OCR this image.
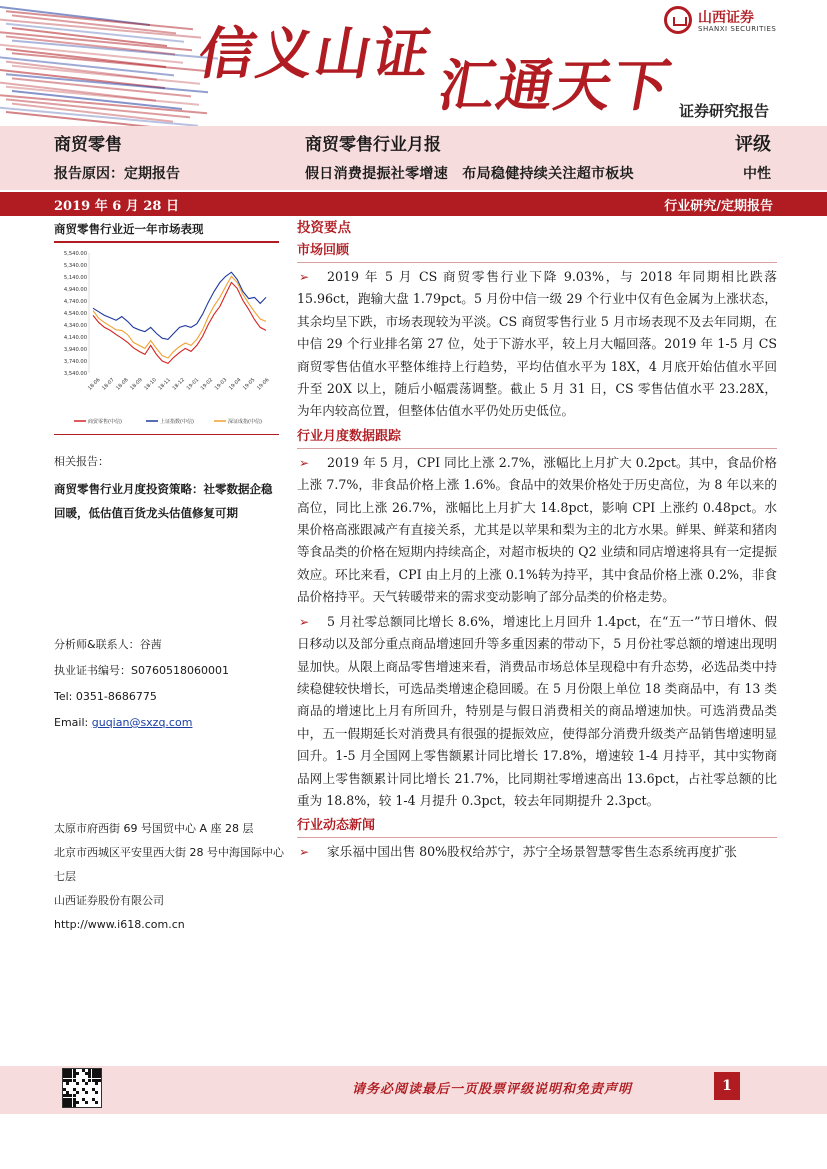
信义山证
汇通天下
山西证券
SHANXI SECURITIES
证券研究报告
商贸零售
报告原因：定期报告
商贸零售行业月报
假日消费提振社零增速　布局稳健持续关注超市板块
评级
中性
2019 年 6 月 28 日	行业研究/定期报告
商贸零售行业近一年市场表现
5,540.00
5,340.00
5,140.00
4,940.00
4,740.00
4,540.00
4,340.00
4,140.00
3,940.00
3,740.00
3,540.00
18-06 18-07 18-08 18-09 18-10 18-11 18-12 19-01 19-02 19-03 19-04 19-05 19-06
商贸零售(中信)	上证指数(中信)	深证成指(中信)
相关报告：
商贸零售行业月度投资策略：社零数据企稳回暖，低估值百货龙头估值修复可期
分析师&联系人：谷茜
执业证书编号：S0760518060001
Tel: 0351-8686775
Email: guqian@sxzq.com
太原市府西街 69 号国贸中心 A 座 28 层
北京市西城区平安里西大街 28 号中海国际中心七层
山西证券股份有限公司
http://www.i618.com.cn
投资要点
市场回顾
➢ 2019 年 5 月 CS 商贸零售行业下降 9.03%，与 2018 年同期相比跌落 15.96ct，跑输大盘 1.79pct。5 月份中信一级 29 个行业中仅有色金属为上涨状态，其余均呈下跌，市场表现较为平淡。CS 商贸零售行业 5 月市场表现不及去年同期，在中信 29 个行业排名第 27 位，处于下游水平，较上月大幅回落。2019 年 1-5 月 CS 商贸零售估值水平整体维持上行趋势，平均估值水平为 18X，4 月底开始估值水平回升至 20X 以上，随后小幅震荡调整。截止 5 月 31 日，CS 零售估值水平 23.28X，为年内较高位置，但整体估值水平仍处历史低位。
行业月度数据跟踪
➢ 2019 年 5 月，CPI 同比上涨 2.7%，涨幅比上月扩大 0.2pct。其中，食品价格上涨 7.7%，非食品价格上涨 1.6%。食品中的效果价格处于历史高位，为 8 年以来的高位，同比上涨 26.7%，涨幅比上月扩大 14.8pct，影响 CPI 上涨约 0.48pct。水果价格高涨跟减产有直接关系，尤其是以苹果和梨为主的北方水果。鲜果、鲜菜和猪肉等食品类的价格在短期内持续高企，对超市板块的 Q2 业绩和同店增速将具有一定提振效应。环比来看，CPI 由上月的上涨 0.1%转为持平，其中食品价格上涨 0.2%，非食品价格持平。天气转暖带来的需求变动影响了部分品类的价格走势。
➢ 5 月社零总额同比增长 8.6%，增速比上月回升 1.4pct，在“五一”节日增休、假日移动以及部分重点商品增速回升等多重因素的带动下，5 月份社零总额的增速出现明显加快。从限上商品零售增速来看，消费品市场总体呈现稳中有升态势，必选品类中持续稳健较快增长，可选品类增速企稳回暖。在 5 月份限上单位 18 类商品中，有 13 类商品的增速比上月有所回升，特别是与假日消费相关的商品增速加快。可选消费品类中，五一假期延长对消费具有很强的提振效应，使得部分消费升级类产品销售增速明显回升。1-5 月全国网上零售额累计同比增长 17.8%，增速较 1-4 月持平，其中实物商品网上零售额累计同比增长 21.7%，比同期社零增速高出 13.6pct，占社零总额的比重为 18.8%，较 1-4 月提升 0.3pct，较去年同期提升 2.3pct。
行业动态新闻
➢ 家乐福中国出售 80%股权给苏宁，苏宁全场景智慧零售生态系统再度扩张
请务必阅读最后一页股票评级说明和免责声明	1
